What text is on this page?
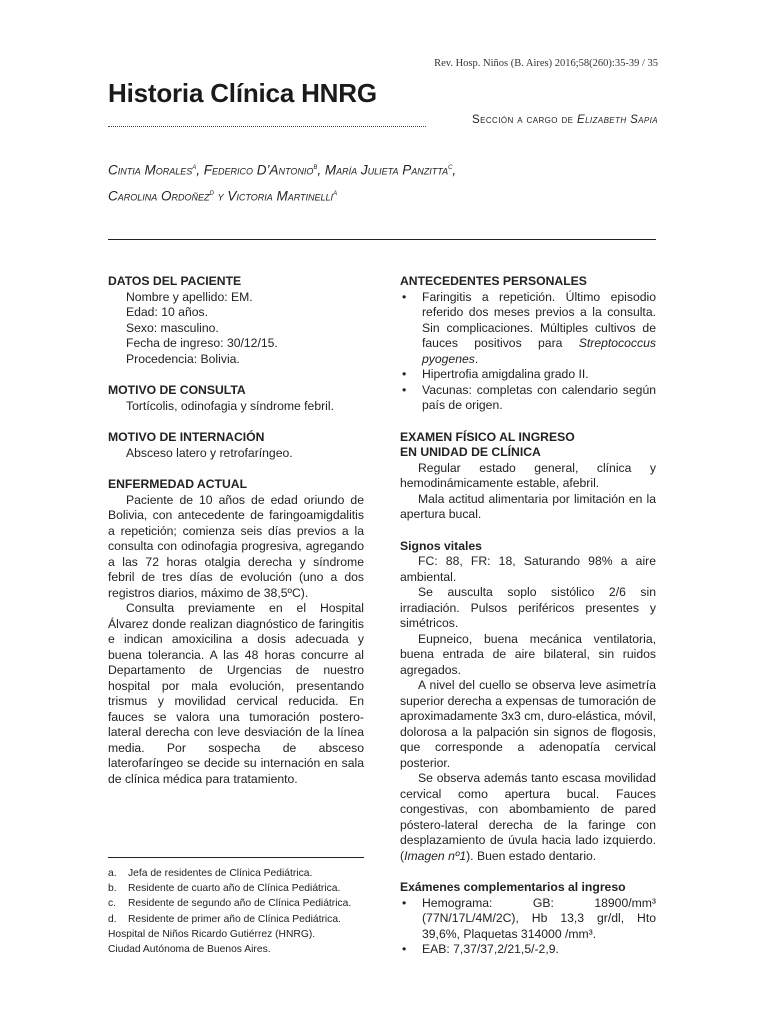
Rev. Hosp. Niños (B. Aires) 2016;58(260):35-39 / 35
Historia Clínica HNRG
Sección a cargo de Elizabeth Sapia

Cintia Morales$^a$, Federico D’Antonio$^b$, María Julieta Panzitta$^c$,

Carolina Ordoñez$^d$ y Victoria Martinelli$^a$

DATOS DEL PACIENTE

Nombre y apellido: EM.

Edad: 10 años.

Sexo: masculino.

Fecha de ingreso: 30/12/15.

Procedencia: Bolivia.

MOTIVO DE CONSULTA

Tortícolis, odinofagia y síndrome febril.

MOTIVO DE INTERNACIÓN

Absceso latero y retrofaríngeo.

ENFERMEDAD ACTUAL

Paciente de 10 años de edad oriundo de Bolivia, con antecedente de faringoamigdalitis a repetición; comienza seis días previos a la consulta con odinofagia progresiva, agregando a las 72 horas otalgia derecha y síndrome febril de tres días de evolución (uno a dos registros diarios, máximo de 38,5ºC).

Consulta previamente en el Hospital Álvarez donde realizan diagnóstico de faringitis e indican amoxicilina a dosis adecuada y buena tolerancia. A las 48 horas concurre al Departamento de Urgencias de nuestro hospital por mala evolución, presentando trismus y movilidad cervical reducida. En fauces se valora una tumoración postero-lateral derecha con leve desviación de la línea media. Por sospecha de absceso laterofaríngeo se decide su internación en sala de clínica médica para tratamiento.

a. Jefa de residentes de Clínica Pediátrica.

b. Residente de cuarto año de Clínica Pediátrica.

c. Residente de segundo año de Clínica Pediátrica.

d. Residente de primer año de Clínica Pediátrica.

Hospital de Niños Ricardo Gutiérrez (HNRG).

Ciudad Autónoma de Buenos Aires.

ANTECEDENTES PERSONALES

• Faringitis a repetición. Último episodio referido dos meses previos a la consulta. Sin complicaciones. Múltiples cultivos de fauces positivos para Streptococcus pyogenes.
• Hipertrofia amigdalina grado II.
• Vacunas: completas con calendario según país de origen.

EXAMEN FÍSICO AL INGRESO

EN UNIDAD DE CLÍNICA

Regular estado general, clínica y hemodinámicamente estable, afebril.

Mala actitud alimentaria por limitación en la apertura bucal.

Signos vitales

FC: 88, FR: 18, Saturando 98% a aire ambiental.

Se ausculta soplo sistólico 2/6 sin irradiación. Pulsos periféricos presentes y simétricos.

Eupneico, buena mecánica ventilatoria, buena entrada de aire bilateral, sin ruidos agregados.

A nivel del cuello se observa leve asimetría superior derecha a expensas de tumoración de aproximadamente 3x3 cm, duro-elástica, móvil, dolorosa a la palpación sin signos de flogosis, que corresponde a adenopatía cervical posterior.

Se observa además tanto escasa movilidad cervical como apertura bucal. Fauces congestivas, con abombamiento de pared póstero-lateral derecha de la faringe con desplazamiento de úvula hacia lado izquierdo. (Imagen nº1). Buen estado dentario.

Exámenes complementarios al ingreso

• Hemograma: GB: 18900/mm³ (77N/17L/4M/2C), Hb 13,3 gr/dl, Hto 39,6%, Plaquetas 314000 /mm³.
• EAB: 7,37/37,2/21,5/-2,9.
